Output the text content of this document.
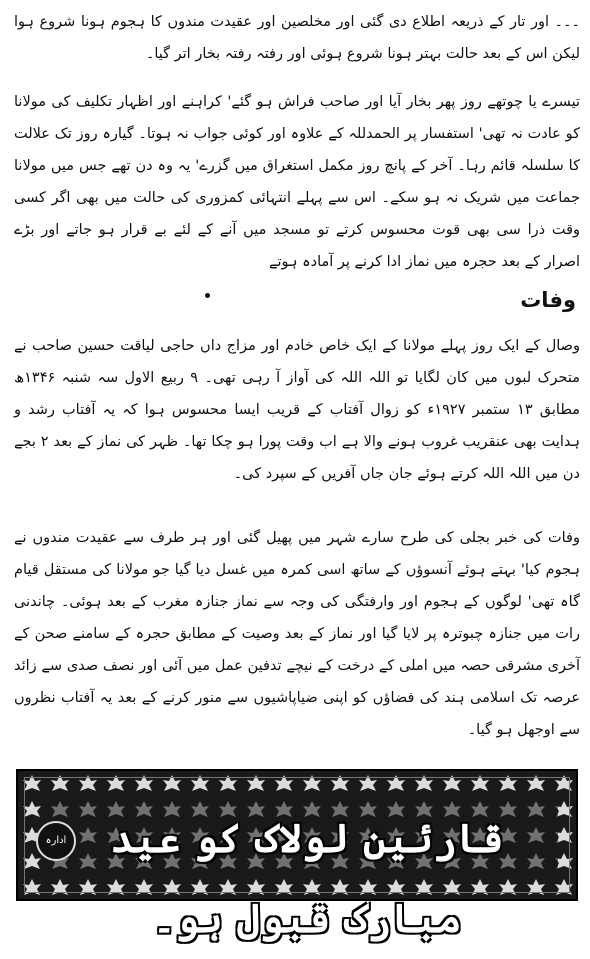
۔۔۔ اور تار کے ذریعہ اطلاع دی گئی اور مخلصین اور عقیدت مندوں کا ہجوم ہونا شروع ہوا لیکن اس کے بعد حالت بہتر ہونا شروع ہوئی اور رفتہ رفتہ بخار اتر گیا۔

تیسرے یا چوتھے روز پھر بخار آیا اور صاحب فراش ہو گئے' کراہنے اور اظہار تکلیف کی مولانا کو عادت نہ تھی' استفسار پر الحمدللہ کے علاوہ اور کوئی جواب نہ ہوتا۔ گیارہ روز تک علالت کا سلسلہ قائم رہا۔ آخر کے پانچ روز مکمل استغراق میں گزرے' یہ وہ دن تھے جس میں مولانا جماعت میں شریک نہ ہو سکے۔ اس سے پہلے انتہائی کمزوری کی حالت میں بھی اگر کسی وقت ذرا سی بھی قوت محسوس کرتے تو مسجد میں آنے کے لئے بے قرار ہو جاتے اور بڑے اصرار کے بعد حجرہ میں نماز ادا کرنے پر آمادہ ہوتے

وفات

وصال کے ایک روز پہلے مولانا کے ایک خاص خادم اور مزاج داں حاجی لیاقت حسین صاحب نے متحرک لبوں میں کان لگایا تو اللہ اللہ کی آواز آ رہی تھی۔ ۹ ربیع الاول سہ شنبہ ۱۳۴۶ھ مطابق ۱۳ ستمبر ۱۹۲۷ء کو زوال آفتاب کے قریب ایسا محسوس ہوا کہ یہ آفتاب رشد و ہدایت بھی عنقریب غروب ہونے والا ہے اب وقت پورا ہو چکا تھا۔ ظہر کی نماز کے بعد ۲ بجے دن میں اللہ اللہ کرتے ہوئے جان جاں آفریں کے سپرد کی۔

وفات کی خبر بجلی کی طرح سارے شہر میں پھیل گئی اور ہر طرف سے عقیدت مندوں نے ہجوم کیا' بہتے ہوئے آنسوؤں کے ساتھ اسی کمرہ میں غسل دیا گیا جو مولانا کی مستقل قیام گاہ تھی' لوگوں کے ہجوم اور وارفتگی کی وجہ سے نماز جنازہ مغرب کے بعد ہوئی۔ چاندنی رات میں جنازہ چبوترہ پر لایا گیا اور نماز کے بعد وصیت کے مطابق حجرہ کے سامنے صحن کے آخری مشرقی حصہ میں املی کے درخت کے نیچے تدفین عمل میں آئی اور نصف صدی سے زائد عرصہ تک اسلامی ہند کی فضاؤں کو اپنی ضیاپاشیوں سے منور کرنے کے بعد یہ آفتاب نظروں سے اوجھل ہو گیا۔

قارئین لولاک کو عید مبارک قبول ہو۔
ادارہ
